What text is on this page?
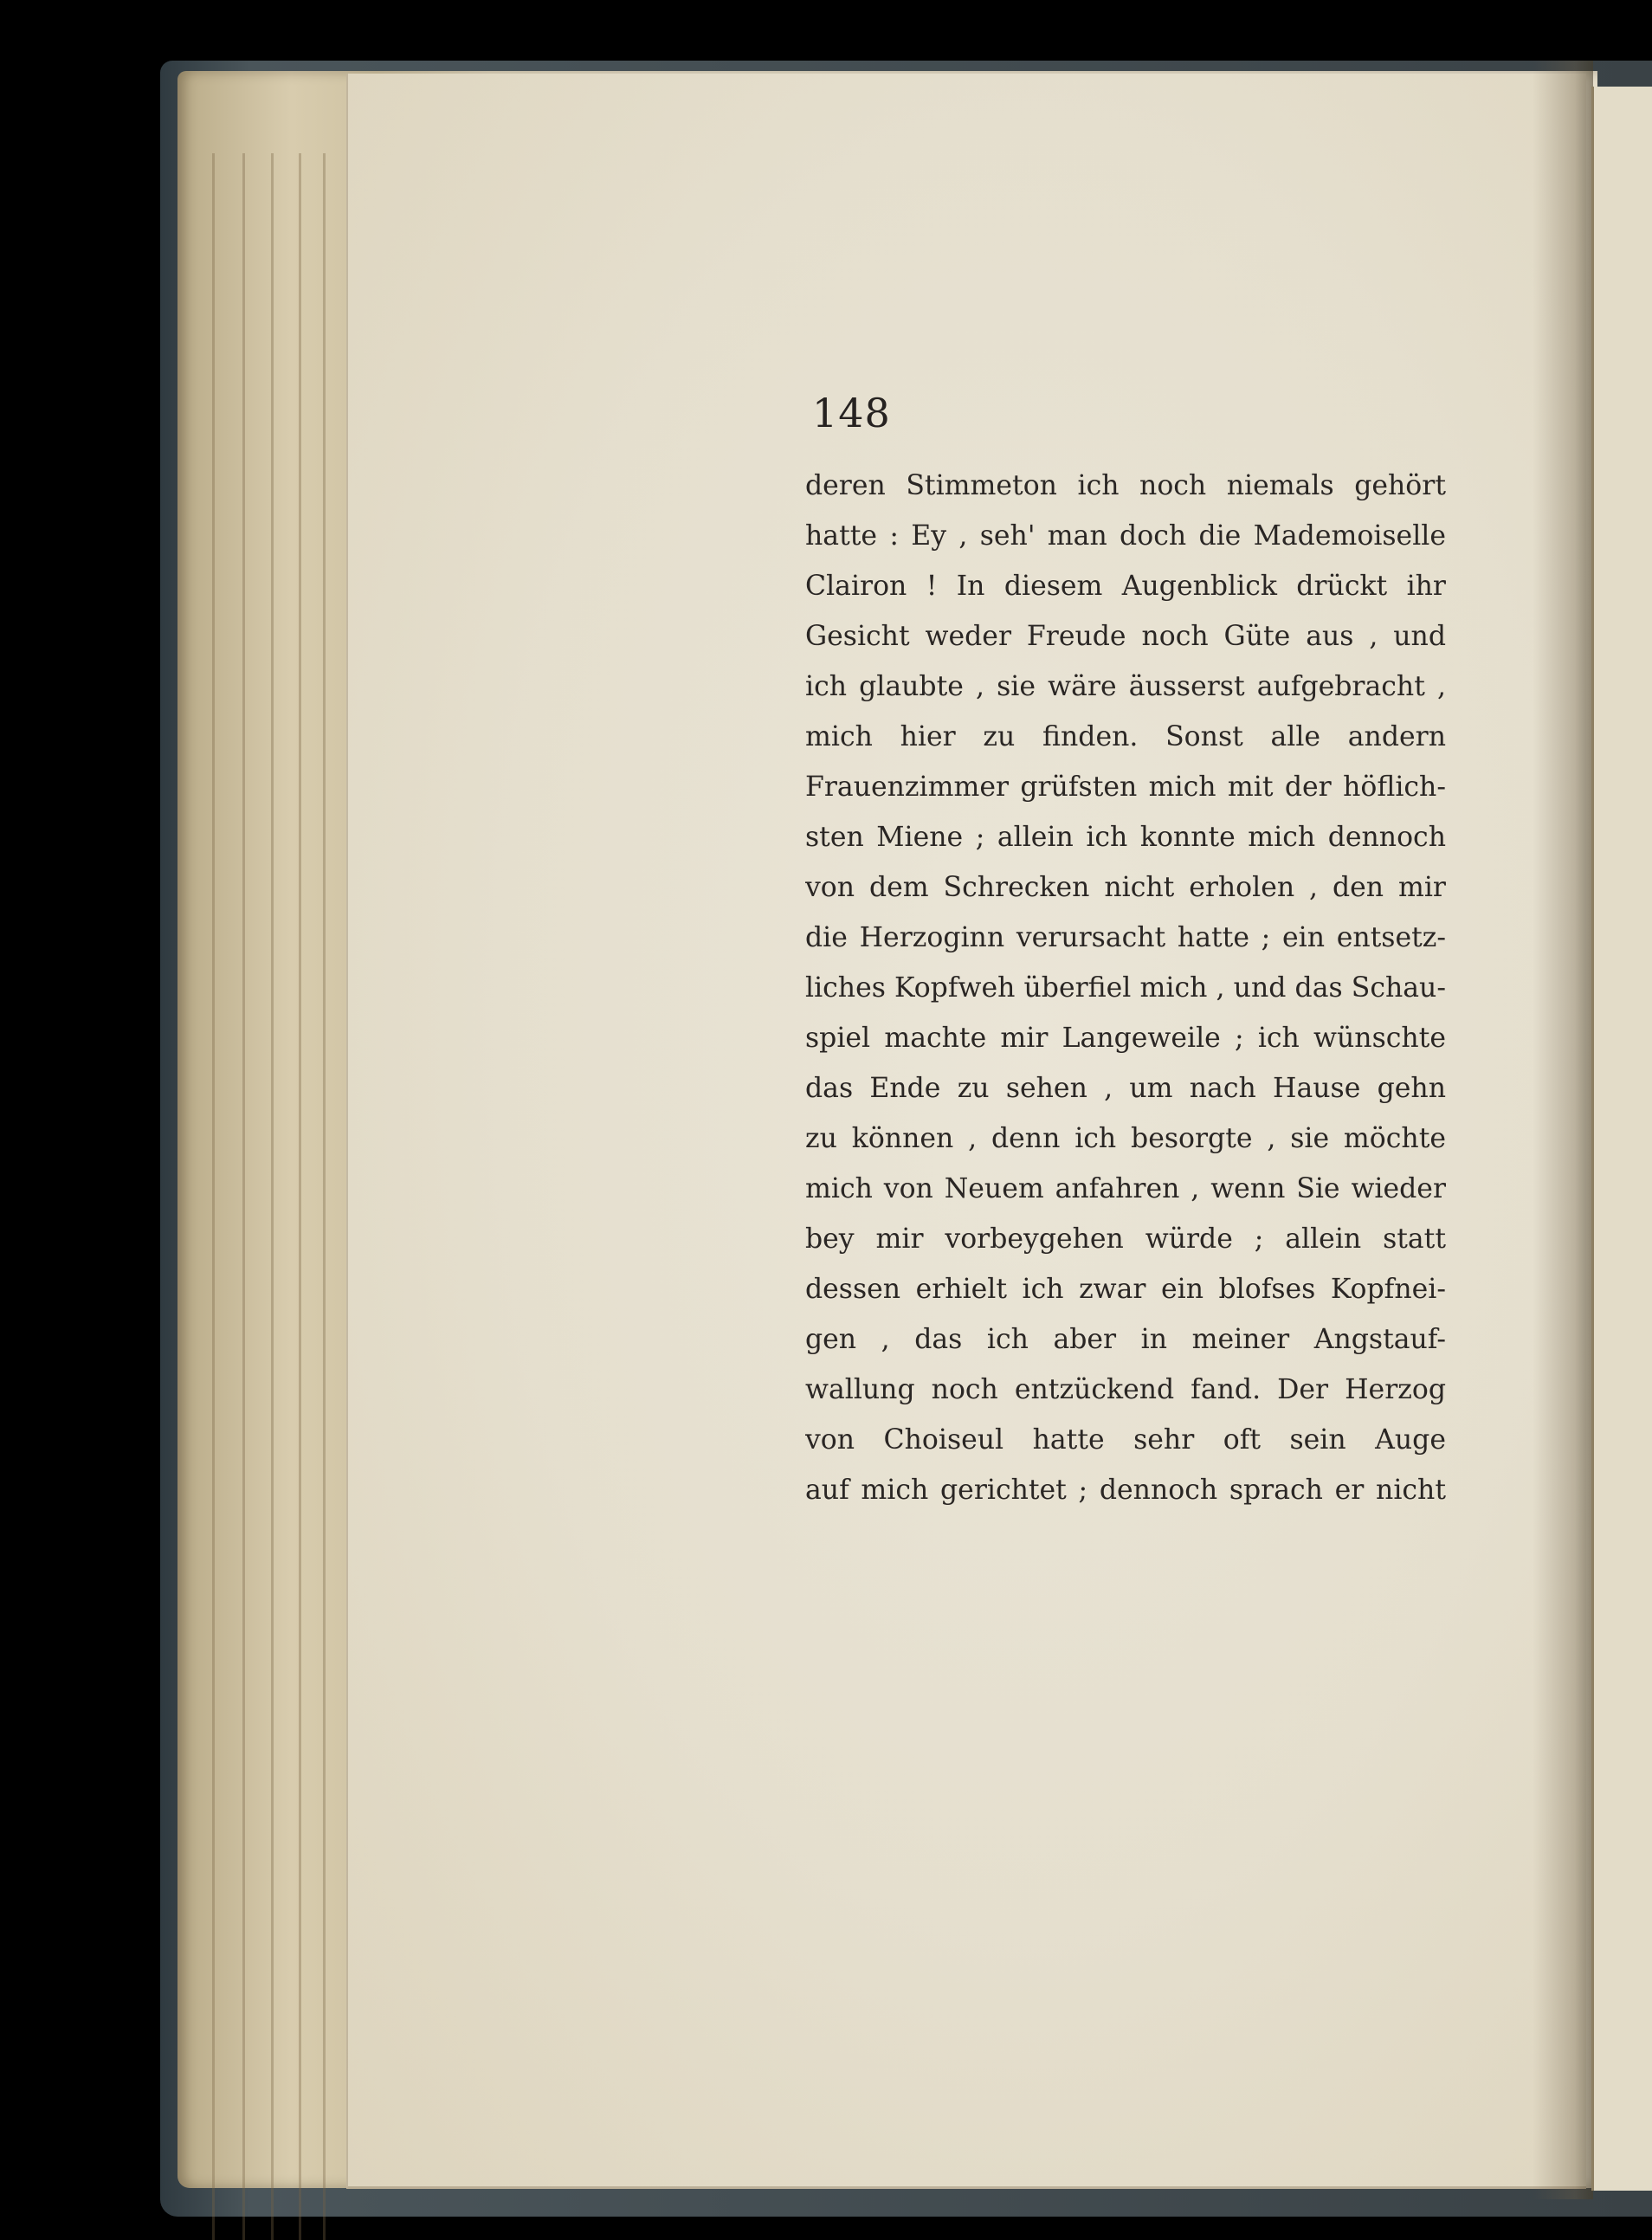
148
deren Stimmeton ich noch niemals gehört
hatte : Ey , seh' man doch die Mademoiselle
Clairon ! In diesem Augenblick drückt ihr
Gesicht weder Freude noch Güte aus , und
ich glaubte , sie wäre äusserst aufgebracht ,
mich hier zu finden. Sonst alle andern
Frauenzimmer grüfsten mich mit der höflich-
sten Miene ; allein ich konnte mich dennoch
von dem Schrecken nicht erholen , den mir
die Herzoginn verursacht hatte ; ein entsetz-
liches Kopfweh überfiel mich , und das Schau-
spiel machte mir Langeweile ; ich wünschte
das Ende zu sehen , um nach Hause gehn
zu können , denn ich besorgte , sie möchte
mich von Neuem anfahren , wenn Sie wieder
bey mir vorbeygehen würde ; allein statt
dessen erhielt ich zwar ein blofses Kopfnei-
gen , das ich aber in meiner Angstauf-
wallung noch entzückend fand. Der Herzog
von Choiseul hatte sehr oft sein Auge
auf mich gerichtet ; dennoch sprach er nicht
